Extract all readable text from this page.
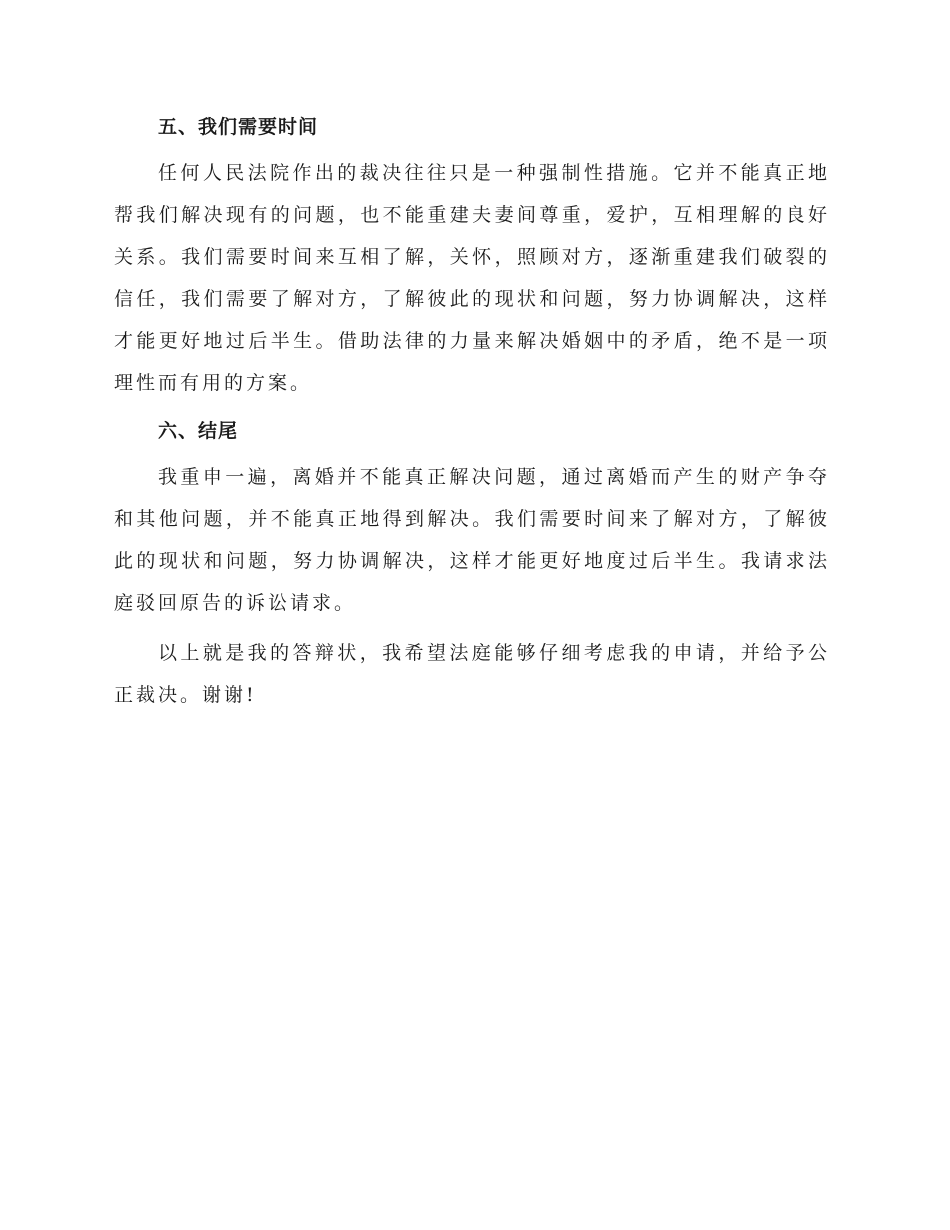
五、我们需要时间

任何人民法院作出的裁决往往只是一种强制性措施。它并不能真正地帮我们解决现有的问题，也不能重建夫妻间尊重，爱护，互相理解的良好关系。我们需要时间来互相了解，关怀，照顾对方，逐渐重建我们破裂的信任，我们需要了解对方，了解彼此的现状和问题，努力协调解决，这样才能更好地过后半生。借助法律的力量来解决婚姻中的矛盾，绝不是一项理性而有用的方案。

六、结尾

我重申一遍，离婚并不能真正解决问题，通过离婚而产生的财产争夺和其他问题，并不能真正地得到解决。我们需要时间来了解对方，了解彼此的现状和问题，努力协调解决，这样才能更好地度过后半生。我请求法庭驳回原告的诉讼请求。

以上就是我的答辩状，我希望法庭能够仔细考虑我的申请，并给予公正裁决。谢谢!
